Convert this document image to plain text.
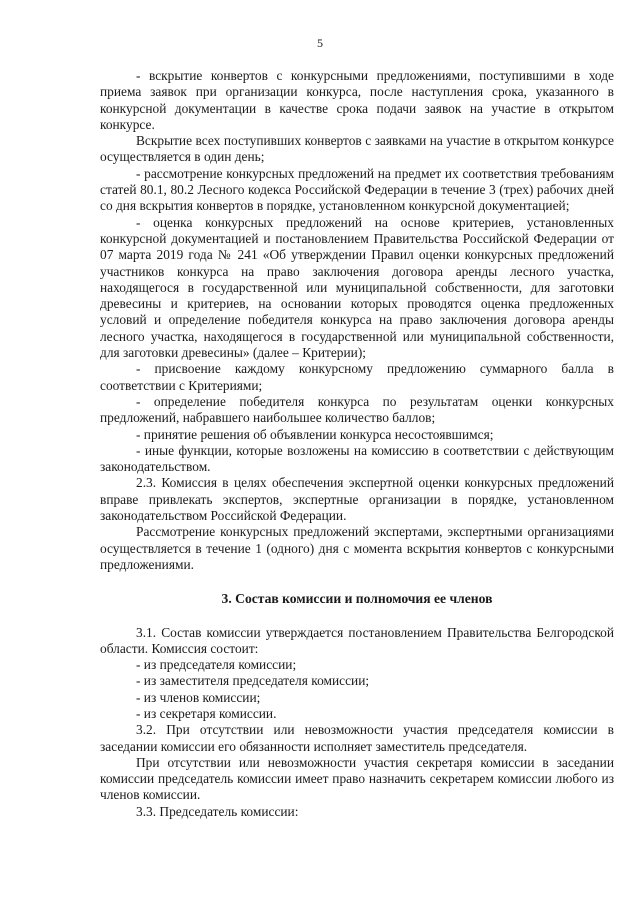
5

- вскрытие конвертов с конкурсными предложениями, поступившими в ходе приема заявок при организации конкурса, после наступления срока, указанного в конкурсной документации в качестве срока подачи заявок на участие в открытом конкурсе.

Вскрытие всех поступивших конвертов с заявками на участие в открытом конкурсе осуществляется в один день;

- рассмотрение конкурсных предложений на предмет их соответствия требованиям статей 80.1, 80.2 Лесного кодекса Российской Федерации в течение 3 (трех) рабочих дней со дня вскрытия конвертов в порядке, установленном конкурсной документацией;

- оценка конкурсных предложений на основе критериев, установленных конкурсной документацией и постановлением Правительства Российской Федерации от 07 марта 2019 года № 241 «Об утверждении Правил оценки конкурсных предложений участников конкурса на право заключения договора аренды лесного участка, находящегося в государственной или муниципальной собственности, для заготовки древесины и критериев, на основании которых проводятся оценка предложенных условий и определение победителя конкурса на право заключения договора аренды лесного участка, находящегося в государственной или муниципальной собственности, для заготовки древесины» (далее – Критерии);

- присвоение каждому конкурсному предложению суммарного балла в соответствии с Критериями;

- определение победителя конкурса по результатам оценки конкурсных предложений, набравшего наибольшее количество баллов;

- принятие решения об объявлении конкурса несостоявшимся;

- иные функции, которые возложены на комиссию в соответствии с действующим законодательством.

2.3. Комиссия в целях обеспечения экспертной оценки конкурсных предложений вправе привлекать экспертов, экспертные организации в порядке, установленном законодательством Российской Федерации.

Рассмотрение конкурсных предложений экспертами, экспертными организациями осуществляется в течение 1 (одного) дня с момента вскрытия конвертов с конкурсными предложениями.

3. Состав комиссии и полномочия ее членов

3.1. Состав комиссии утверждается постановлением Правительства Белгородской области. Комиссия состоит:

- из председателя комиссии;

- из заместителя председателя комиссии;

- из членов комиссии;

- из секретаря комиссии.

3.2. При отсутствии или невозможности участия председателя комиссии в заседании комиссии его обязанности исполняет заместитель председателя.

При отсутствии или невозможности участия секретаря комиссии в заседании комиссии председатель комиссии имеет право назначить секретарем комиссии любого из членов комиссии.

3.3. Председатель комиссии:
